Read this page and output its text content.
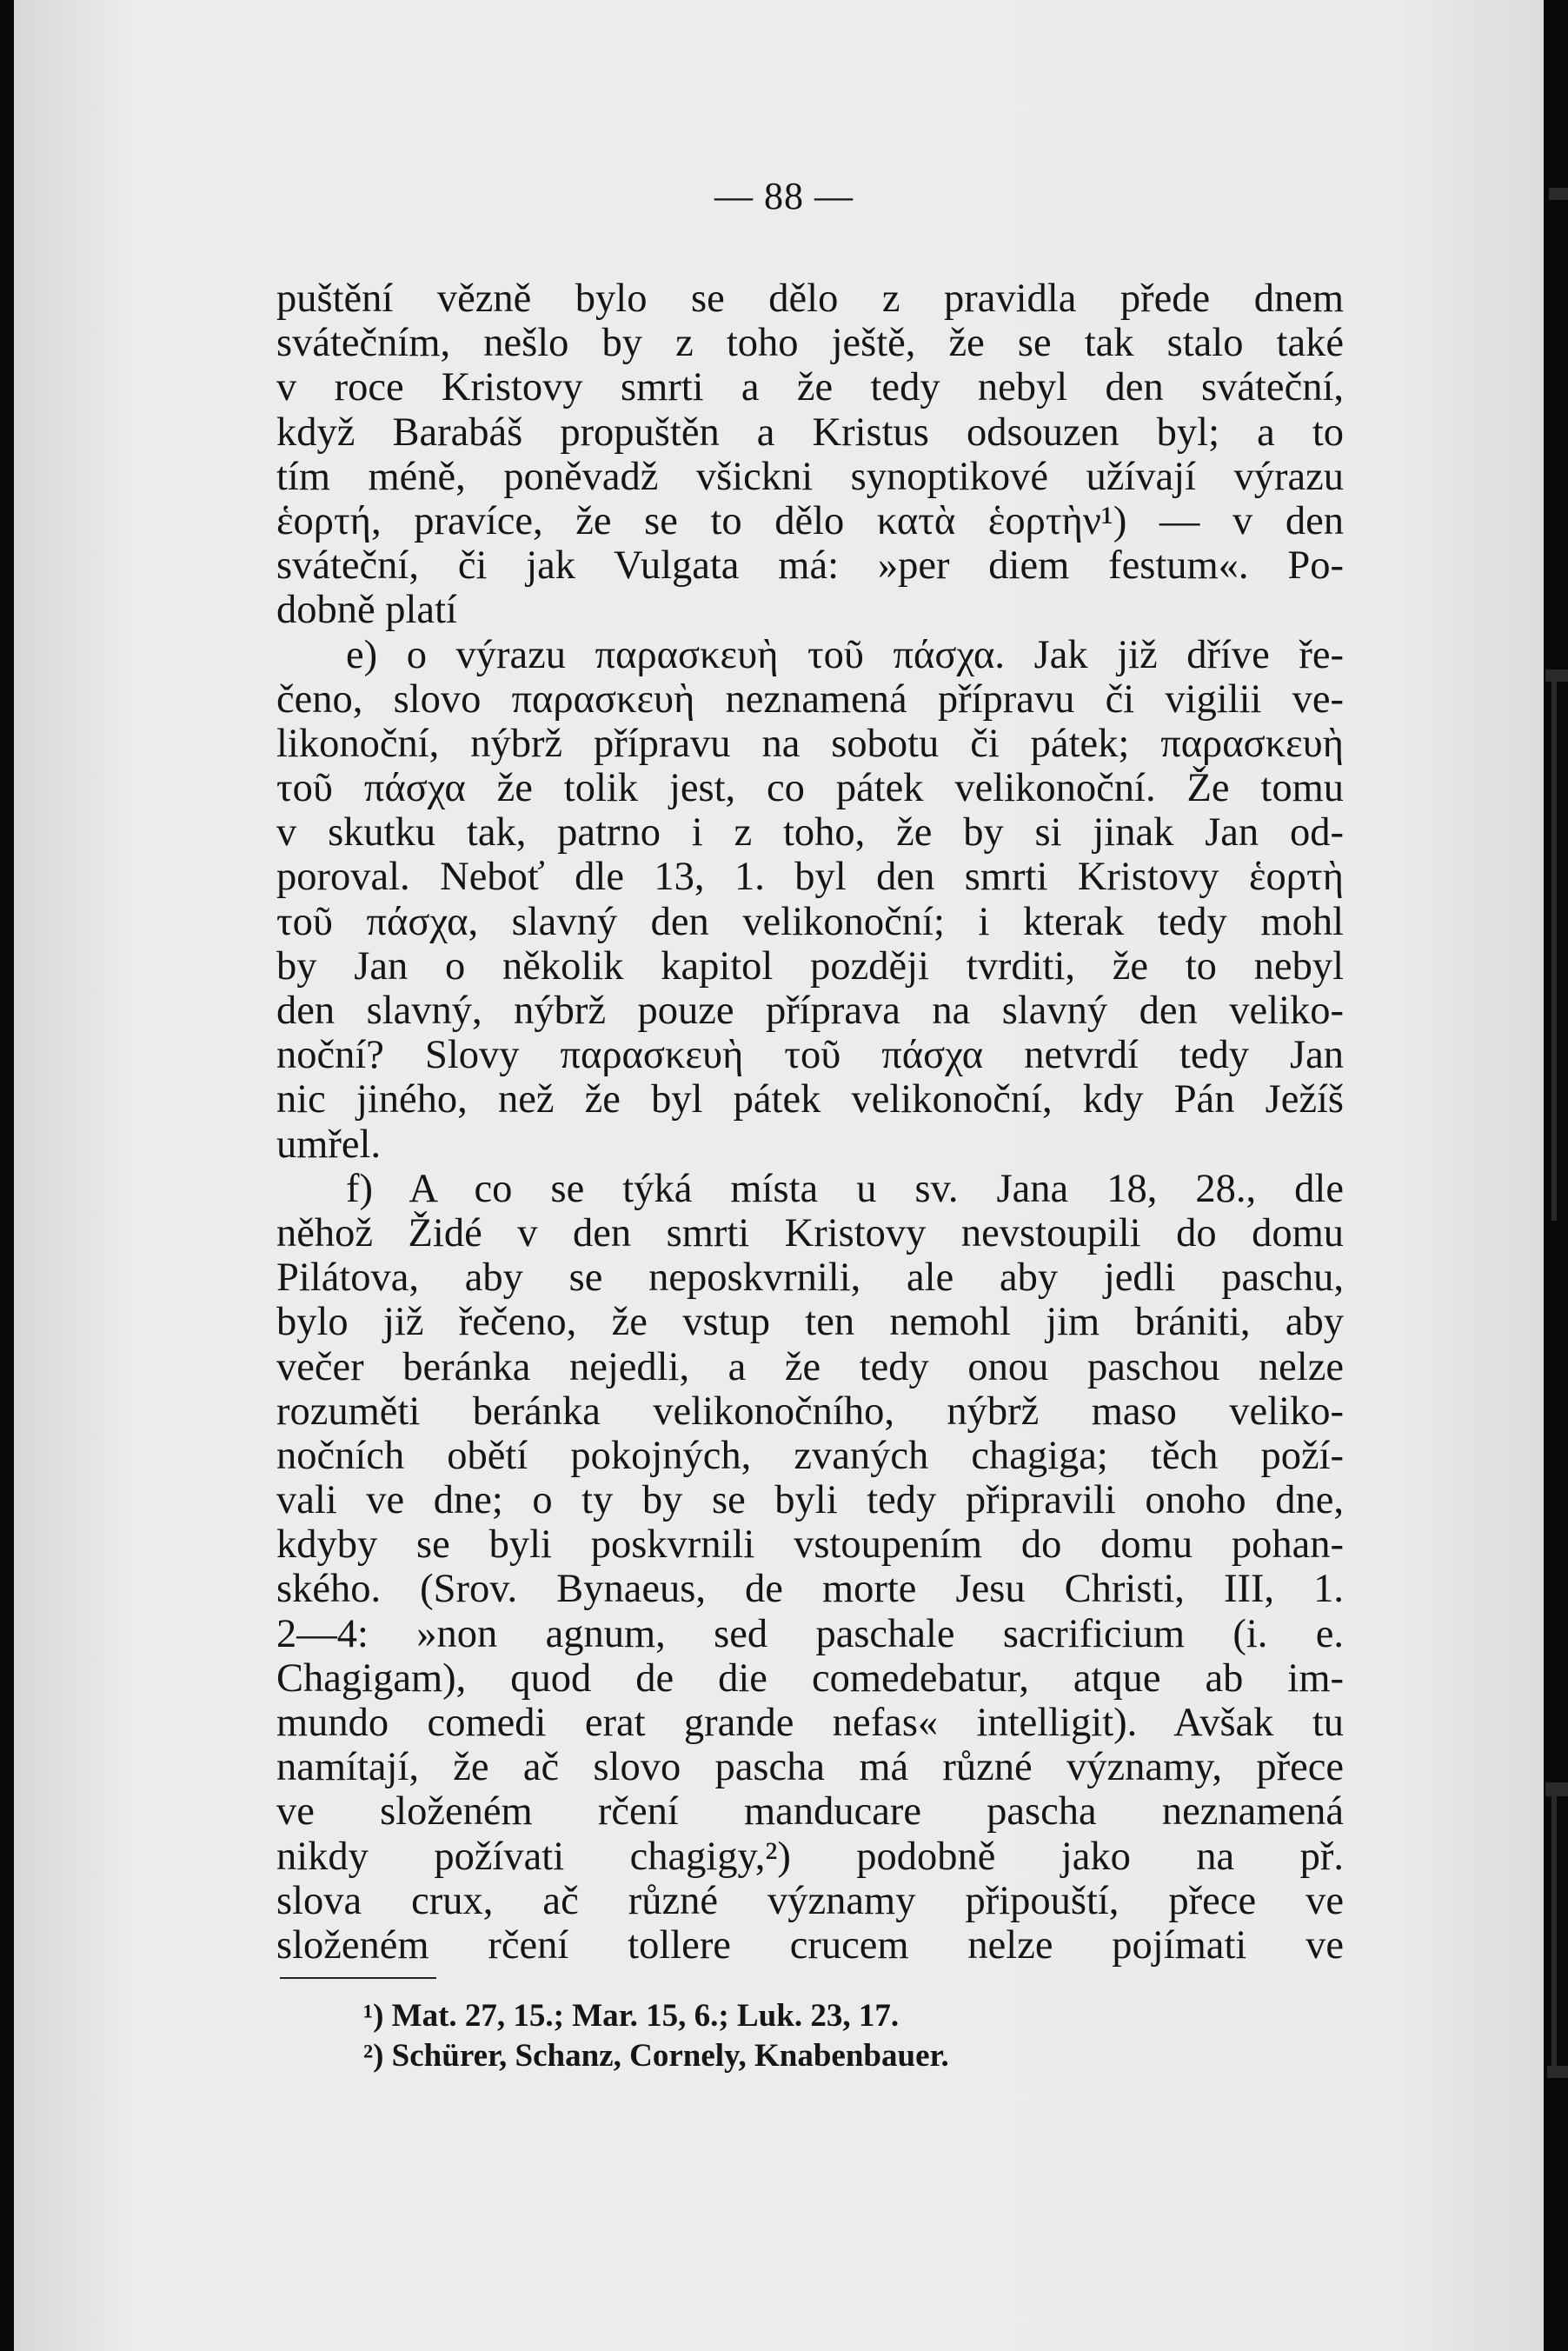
— 88 —
puštění vězně bylo se dělo z pravidla přede dnem
svátečním, nešlo by z toho ještě, že se tak stalo také
v roce Kristovy smrti a že tedy nebyl den sváteční,
když Barabáš propuštěn a Kristus odsouzen byl; a to
tím méně, poněvadž všickni synoptikové užívají výrazu
ἑορτή, pravíce, že se to dělo κατὰ ἑορτὴν¹) — v den
sváteční, či jak Vulgata má: »per diem festum«. Po-
dobně platí
e) o výrazu παρασκευὴ τοῦ πάσχα. Jak již dříve ře-
čeno, slovo παρασκευὴ neznamená přípravu či vigilii ve-
likonoční, nýbrž přípravu na sobotu či pátek; παρασκευὴ
τοῦ πάσχα že tolik jest, co pátek velikonoční. Že tomu
v skutku tak, patrno i z toho, že by si jinak Jan od-
poroval. Neboť dle 13, 1. byl den smrti Kristovy ἑορτὴ
τοῦ πάσχα, slavný den velikonoční; i kterak tedy mohl
by Jan o několik kapitol později tvrditi, že to nebyl
den slavný, nýbrž pouze příprava na slavný den veliko-
noční? Slovy παρασκευὴ τοῦ πάσχα netvrdí tedy Jan
nic jiného, než že byl pátek velikonoční, kdy Pán Ježíš
umřel.
f) A co se týká místa u sv. Jana 18, 28., dle
něhož Židé v den smrti Kristovy nevstoupili do domu
Pilátova, aby se neposkvrnili, ale aby jedli paschu,
bylo již řečeno, že vstup ten nemohl jim brániti, aby
večer beránka nejedli, a že tedy onou paschou nelze
rozuměti beránka velikonočního, nýbrž maso veliko-
nočních obětí pokojných, zvaných chagiga; těch poží-
vali ve dne; o ty by se byli tedy připravili onoho dne,
kdyby se byli poskvrnili vstoupením do domu pohan-
ského. (Srov. Bynaeus, de morte Jesu Christi, III, 1.
2—4: »non agnum, sed paschale sacrificium (i. e.
Chagigam), quod de die comedebatur, atque ab im-
mundo comedi erat grande nefas« intelligit). Avšak tu
namítají, že ač slovo pascha má různé významy, přece
ve složeném rčení manducare pascha neznamená
nikdy požívati chagigy,²) podobně jako na př.
slova crux, ač různé významy připouští, přece ve
složeném rčení tollere crucem nelze pojímati ve
¹) Mat. 27, 15.; Mar. 15, 6.; Luk. 23, 17.
²) Schürer, Schanz, Cornely, Knabenbauer.
